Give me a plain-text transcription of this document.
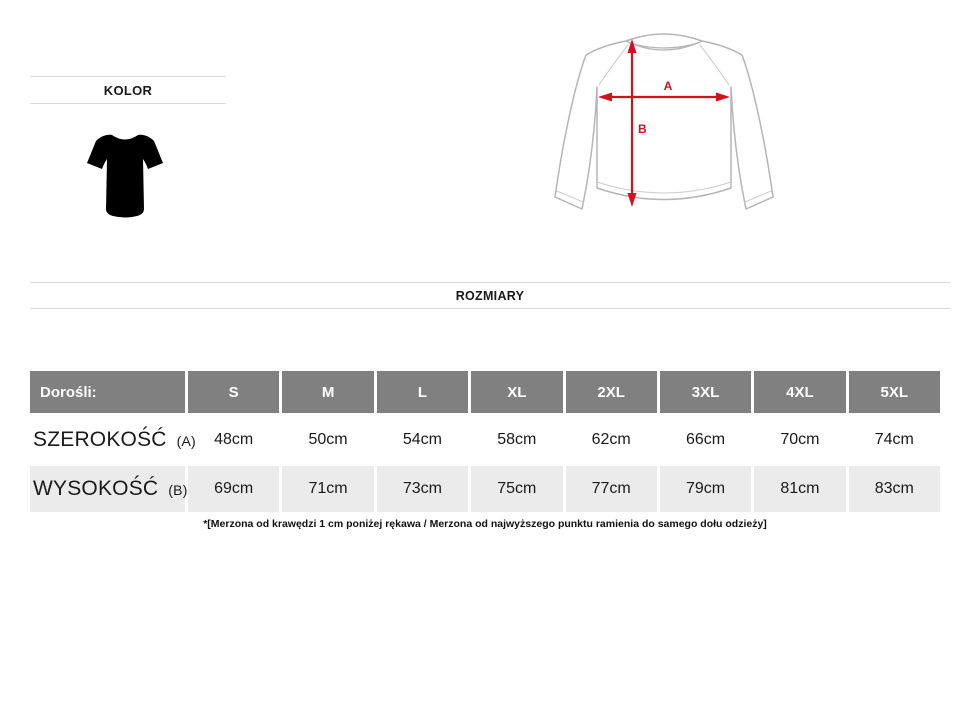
KOLOR	A
B
ROZMIARY
Dorośli:	S	M	L	XL	2XL	3XL	4XL	5XL
SZEROKOŚĆ (A)	48cm	50cm	54cm	58cm	62cm	66cm	70cm	74cm
WYSOKOŚĆ (B)	69cm	71cm	73cm	75cm	77cm	79cm	81cm	83cm
*[Merzona od krawędzi 1 cm poniżej rękawa / Merzona od najwyższego punktu ramienia do samego dołu odzieży]
